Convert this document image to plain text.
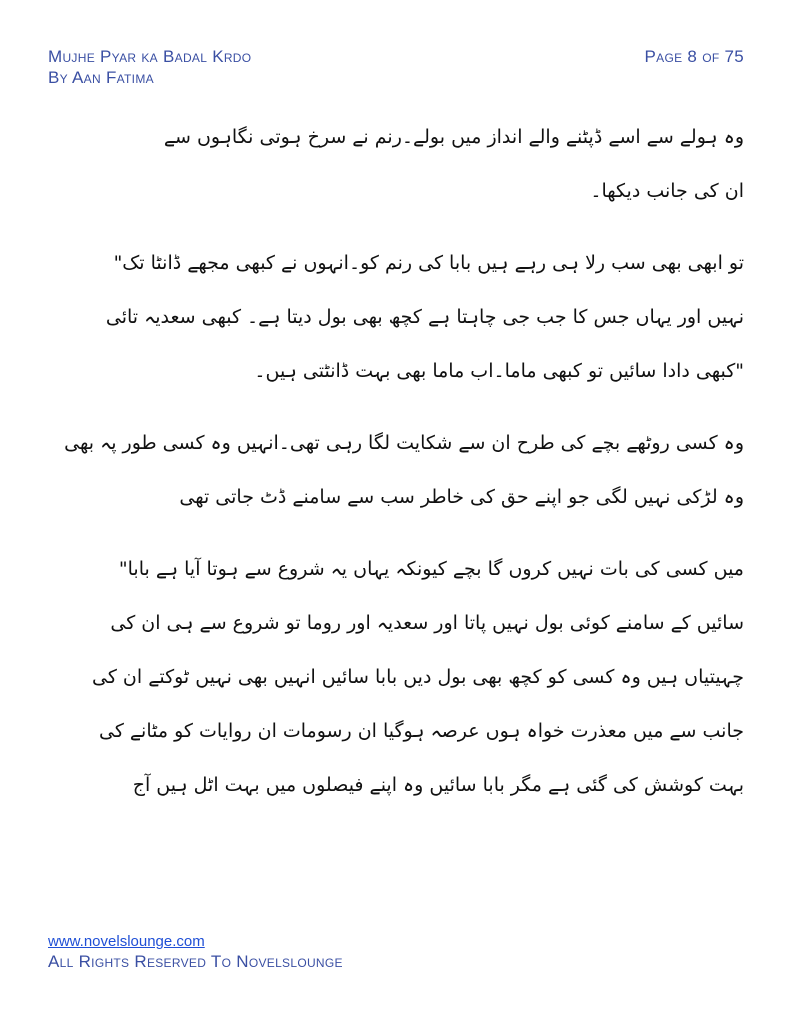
Mujhe Pyar ka Badal Krdo
By Aan Fatima
Page 8 of 75
وہ ہولے سے اسے ڈپٹنے والے انداز میں بولے۔رنم نے سرخ ہوتی نگاہوں سے
ان کی جانب دیکھا۔
تو ابھی بھی سب رلا ہی رہے ہیں بابا کی رنم کو۔انہوں نے کبھی مجھے ڈانٹا تک"
نہیں اور یہاں جس کا جب جی چاہتا ہے کچھ بھی بول دیتا ہے۔ کبھی سعدیہ تائی
"کبھی دادا سائیں تو کبھی ماما۔اب ماما بھی بہت ڈانٹتی ہیں۔
وہ کسی روٹھے بچے کی طرح ان سے شکایت لگا رہی تھی۔انہیں وہ کسی طور پہ بھی
وہ لڑکی نہیں لگی جو اپنے حق کی خاطر سب سے سامنے ڈٹ جاتی تھی
میں کسی کی بات نہیں کروں گا بچے کیونکہ یہاں یہ شروع سے ہوتا آیا ہے بابا"
سائیں کے سامنے کوئی بول نہیں پاتا اور سعدیہ اور روما تو شروع سے ہی ان کی
چہیتیاں ہیں وہ کسی کو کچھ بھی بول دیں بابا سائیں انہیں بھی نہیں ٹوکتے ان کی
جانب سے میں معذرت خواہ ہوں عرصہ ہوگیا ان رسومات ان روایات کو مٹانے کی
بہت کوشش کی گئی ہے مگر بابا سائیں وہ اپنے فیصلوں میں بہت اٹل ہیں آج
www.novelslounge.com
All Rights Reserved To Novelslounge
